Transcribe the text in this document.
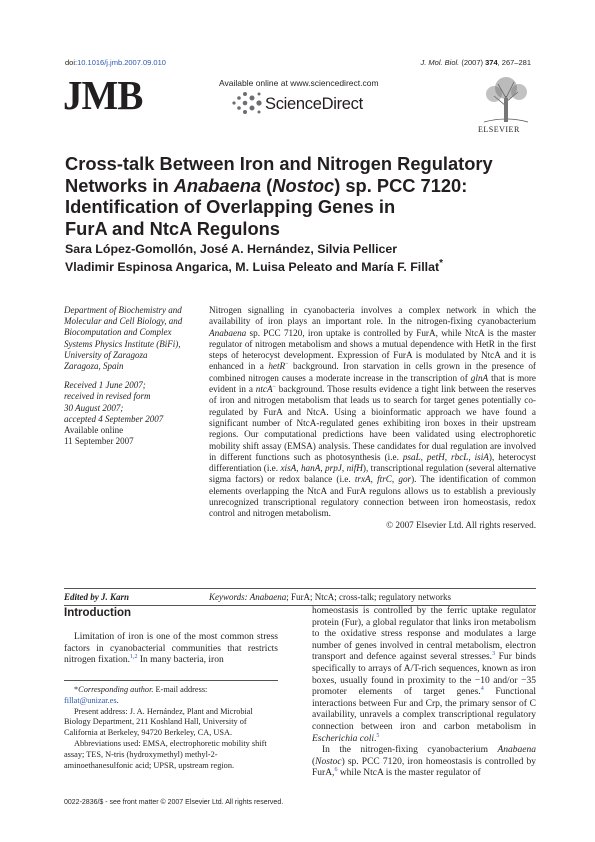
doi:10.1016/j.jmb.2007.09.010	J. Mol. Biol. (2007) 374, 267–281
JMB	Available online at www.sciencedirect.com
ScienceDirect
ELSEVIER
Cross-talk Between Iron and Nitrogen Regulatory
Networks in Anabaena (Nostoc) sp. PCC 7120:
Identification of Overlapping Genes in
FurA and NtcA Regulons
Sara López-Gomollón, José A. Hernández, Silvia Pellicer
Vladimir Espinosa Angarica, M. Luisa Peleato and María F. Fillat*
Department of Biochemistry and Molecular and Cell Biology, and Biocomputation and Complex Systems Physics Institute (BiFi), University of Zaragoza
Zaragoza, Spain
Received 1 June 2007;
received in revised form
30 August 2007;
accepted 4 September 2007
Available online
11 September 2007
Nitrogen signalling in cyanobacteria involves a complex network in which the availability of iron plays an important role. In the nitrogen-fixing cyanobacterium Anabaena sp. PCC 7120, iron uptake is controlled by FurA, while NtcA is the master regulator of nitrogen metabolism and shows a mutual dependence with HetR in the first steps of heterocyst development. Expression of FurA is modulated by NtcA and it is enhanced in a hetR− background. Iron starvation in cells grown in the presence of combined nitrogen causes a moderate increase in the transcription of glnA that is more evident in a ntcA− background. Those results evidence a tight link between the reserves of iron and nitrogen metabolism that leads us to search for target genes potentially co-regulated by FurA and NtcA. Using a bioinformatic approach we have found a significant number of NtcA-regulated genes exhibiting iron boxes in their upstream regions. Our computational predictions have been validated using electrophoretic mobility shift assay (EMSA) analysis. These candidates for dual regulation are involved in different functions such as photosynthesis (i.e. psaL, petH, rbcL, isiA), heterocyst differentiation (i.e. xisA, hanA, prpJ, nifH), transcriptional regulation (several alternative sigma factors) or redox balance (i.e. trxA, ftrC, gor). The identification of common elements overlapping the NtcA and FurA regulons allows us to establish a previously unrecognized transcriptional regulatory connection between iron homeostasis, redox control and nitrogen metabolism.
© 2007 Elsevier Ltd. All rights reserved.
Edited by J. Karn	Keywords: Anabaena; FurA; NtcA; cross-talk; regulatory networks
Introduction

Limitation of iron is one of the most common stress factors in cyanobacterial communities that restricts nitrogen fixation.$^{1,2}$ In many bacteria, iron

*Corresponding author. E-mail address:
fillat@unizar.es.

Present address: J. A. Hernández, Plant and Microbial Biology Department, 211 Koshland Hall, University of California at Berkeley, 94720 Berkeley, CA, USA.

Abbreviations used: EMSA, electrophoretic mobility shift assay; TES, N-tris (hydroxymethyl) methyl-2-aminoethanesulfonic acid; UPSR, upstream region.

homeostasis is controlled by the ferric uptake regulator protein (Fur), a global regulator that links iron metabolism to the oxidative stress response and modulates a large number of genes involved in central metabolism, electron transport and defence against several stresses.$^3$ Fur binds specifically to arrays of A/T-rich sequences, known as iron boxes, usually found in proximity to the −10 and/or −35 promoter elements of target genes.$^4$ Functional interactions between Fur and Crp, the primary sensor of C availability, unravels a complex transcriptional regulatory connection between iron and carbon metabolism in Escherichia coli.$^5$

In the nitrogen-fixing cyanobacterium Anabaena (Nostoc) sp. PCC 7120, iron homeostasis is controlled by FurA,$^6$ while NtcA is the master regulator of

0022-2836/$ - see front matter © 2007 Elsevier Ltd. All rights reserved.
